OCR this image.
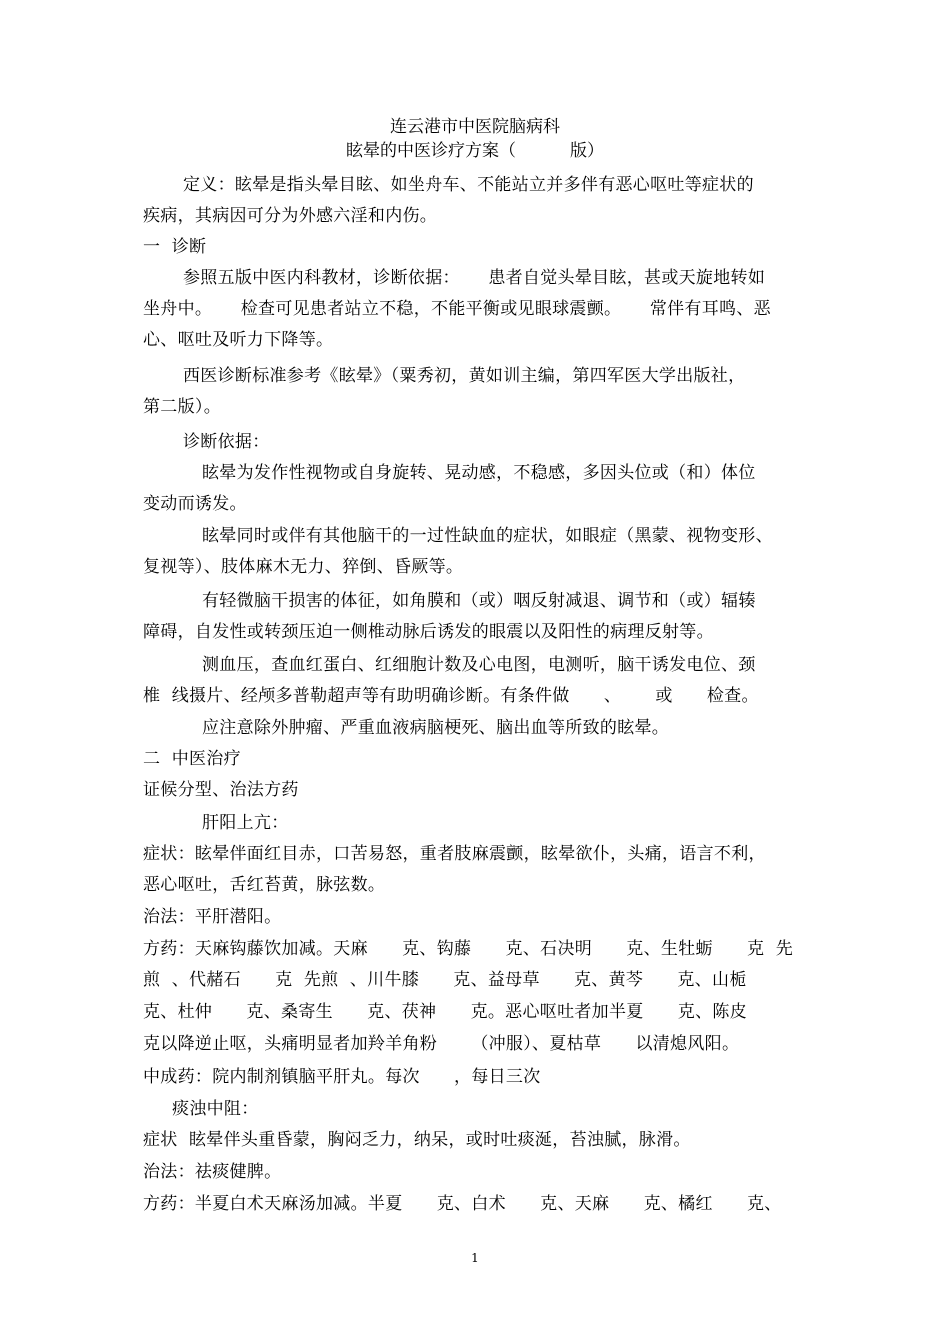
连云港市中医院脑病科
眩晕的中医诊疗方案（          版）
定义：眩晕是指头晕目眩、如坐舟车、不能站立并多伴有恶心呕吐等症状的
疾病，其病因可分为外感六淫和内伤。
一  诊断
参照五版中医内科教材，诊断依据：     患者自觉头晕目眩，甚或天旋地转如
坐舟中。     检查可见患者站立不稳，不能平衡或见眼球震颤。     常伴有耳鸣、恶
心、呕吐及听力下降等。
西医诊断标准参考《眩晕》（粟秀初，黄如训主编，第四军医大学出版社，
第二版）。
诊断依据：
眩晕为发作性视物或自身旋转、晃动感，不稳感，多因头位或（和）体位
变动而诱发。
眩晕同时或伴有其他脑干的一过性缺血的症状，如眼症（黑蒙、视物变形、
复视等）、肢体麻木无力、猝倒、昏厥等。
有轻微脑干损害的体征，如角膜和（或）咽反射减退、调节和（或）辐辏
障碍，自发性或转颈压迫一侧椎动脉后诱发的眼震以及阳性的病理反射等。
测血压，查血红蛋白、红细胞计数及心电图，电测听，脑干诱发电位、颈
椎  线摄片、经颅多普勒超声等有助明确诊断。有条件做      、      或      检查。
应注意除外肿瘤、严重血液病脑梗死、脑出血等所致的眩晕。
二  中医治疗
证候分型、治法方药
肝阳上亢：
症状：眩晕伴面红目赤，口苦易怒，重者肢麻震颤，眩晕欲仆，头痛，语言不利，
恶心呕吐，舌红苔黄，脉弦数。
治法：平肝潜阳。
方药：天麻钩藤饮加减。天麻      克、钩藤      克、石决明      克、生牡蛎      克  先
煎  、代赭石      克  先煎  、川牛膝      克、益母草      克、黄芩      克、山栀
克、杜仲      克、桑寄生      克、茯神      克。恶心呕吐者加半夏      克、陈皮
克以降逆止呕，头痛明显者加羚羊角粉      （冲服）、夏枯草      以清熄风阳。
中成药：院内制剂镇脑平肝丸。每次      ，每日三次
痰浊中阻：
症状  眩晕伴头重昏蒙，胸闷乏力，纳呆，或时吐痰涎，苔浊腻，脉滑。
治法：祛痰健脾。
方药：半夏白术天麻汤加减。半夏      克、白术      克、天麻      克、橘红      克、
1
